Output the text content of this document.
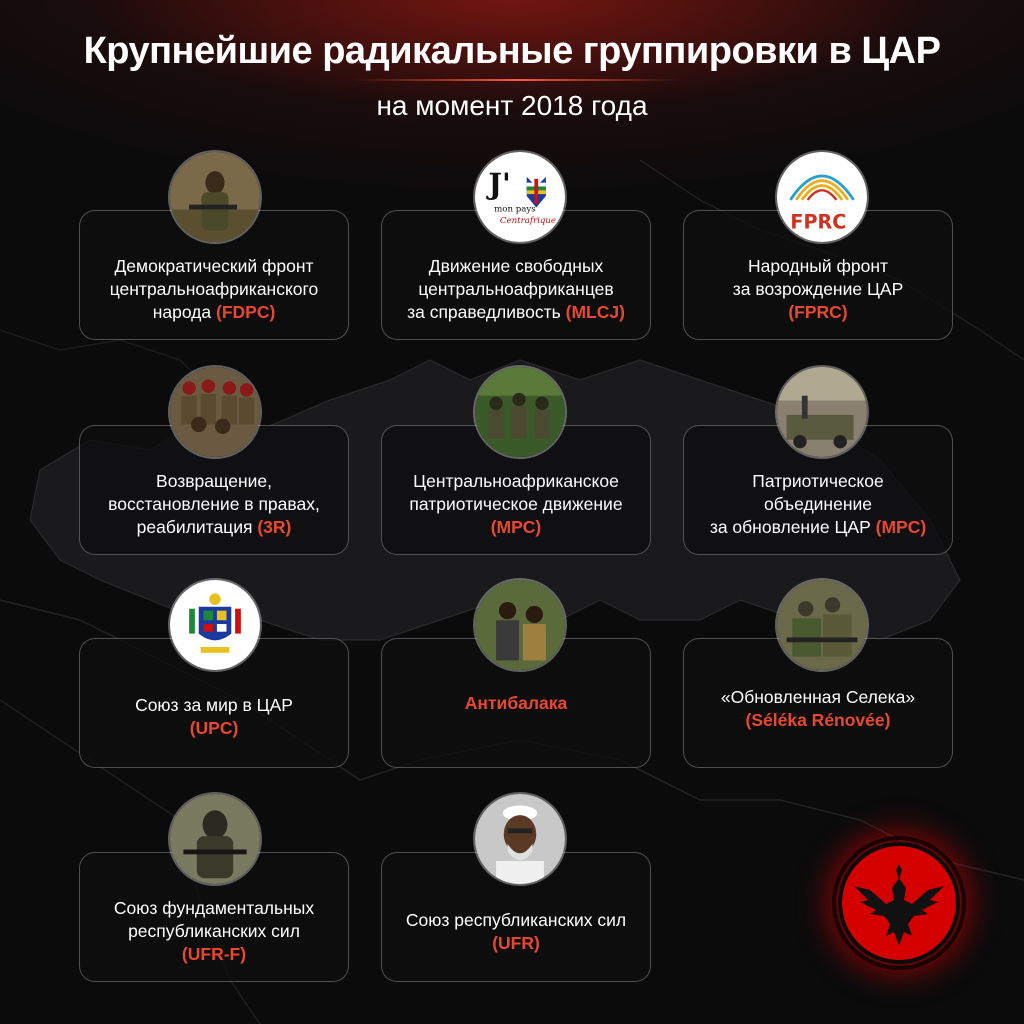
Крупнейшие радикальные группировки в ЦАР
на момент 2018 года
Демократический фронт
центральноафриканского
народа (FDPC)
Движение свободных
центральноафриканцев
за справедливость (MLCJ)
J'
mon pays
Centrafrique !
Народный фронт
за возрождение ЦАР
(FPRC)
FPRC
Возвращение,
восстановление в правах,
реабилитация (3R)
Центральноафриканское
патриотическое движение
(MPC)
Патриотическое
объединение
за обновление ЦАР (MPC)
Союз за мир в ЦАР
(UPC)
Антибалака	«Обновленная Селека»
(Séléka Rénovée)
Союз фундаментальных
республиканских сил
(UFR-F)
Союз республиканских сил
(UFR)
